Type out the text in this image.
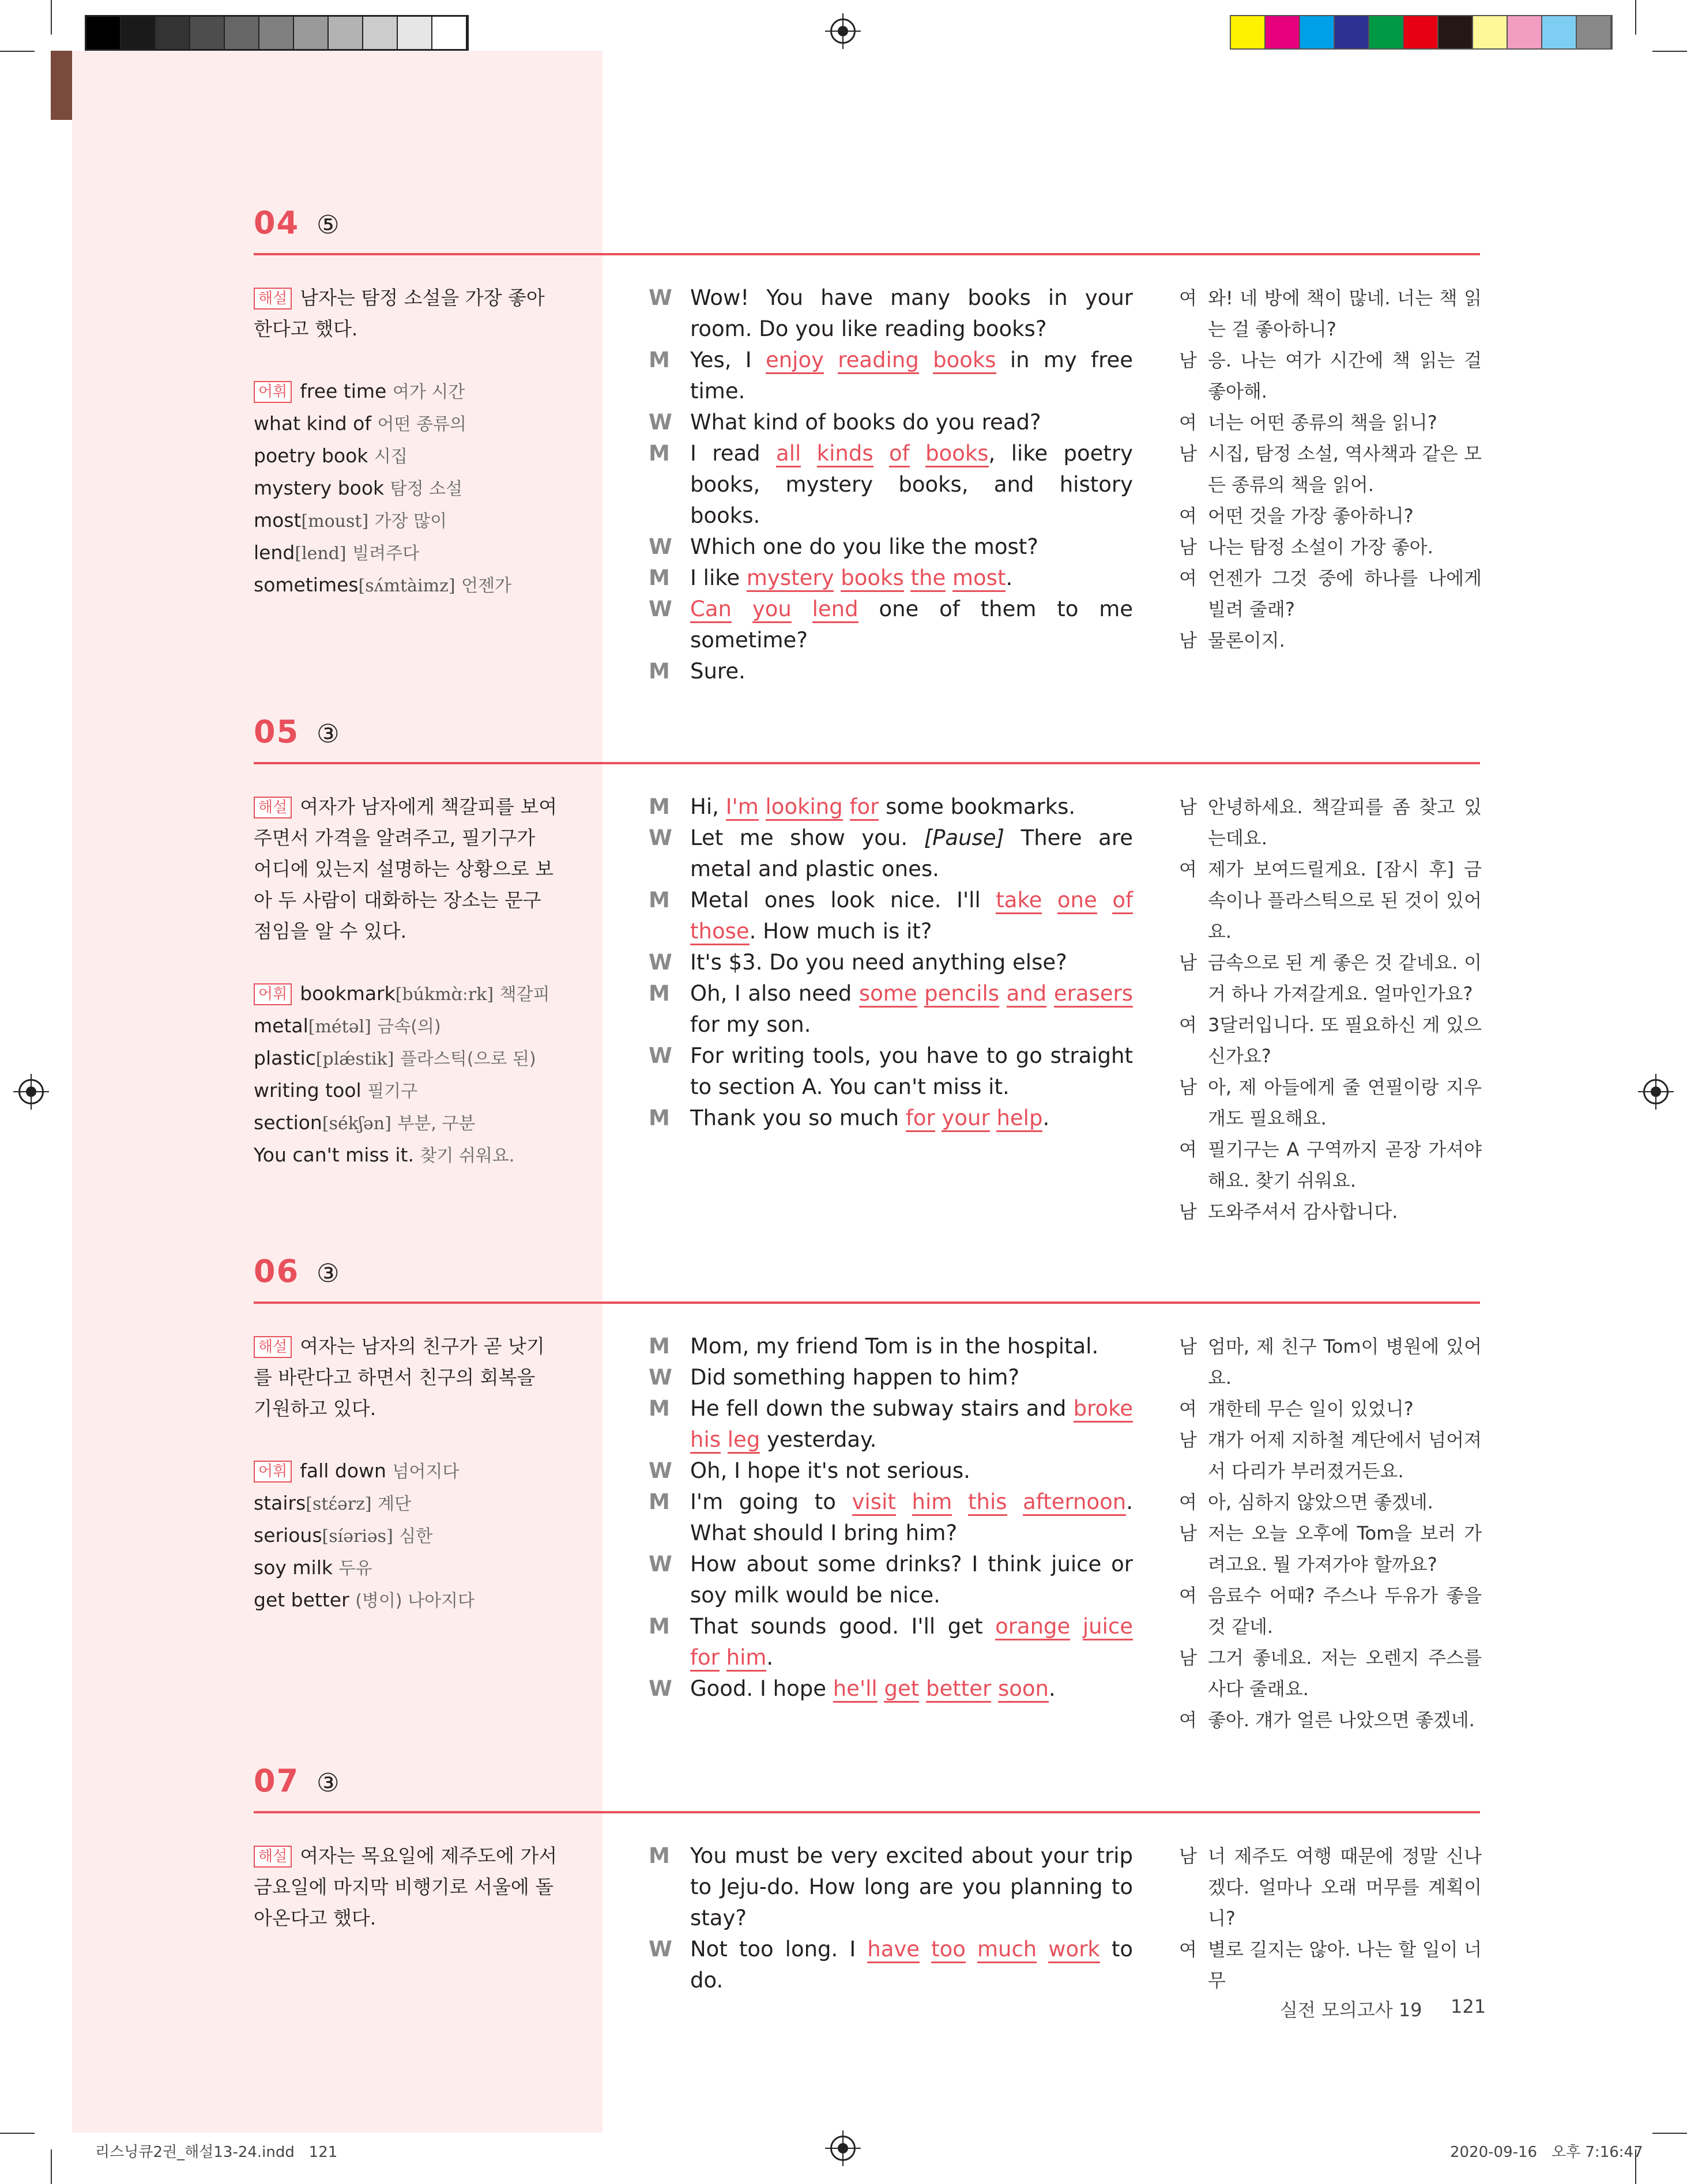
04 ⑤
해설 남자는 탐정 소설을 가장 좋아한다고 했다.
어휘 free time 여가 시간
what kind of 어떤 종류의
poetry book 시집
mystery book 탐정 소설
most[moust] 가장 많이
lend[lend] 빌려주다
sometimes[sʌ́mtàimz] 언젠가
W Wow! You have many books in your room. Do you like reading books?
M Yes, I enjoy reading books in my free time.
W What kind of books do you read?
M I read all kinds of books, like poetry books, mystery books, and history books.
W Which one do you like the most?
M I like mystery books the most.
W Can you lend one of them to me sometime?
M Sure.
여 와! 네 방에 책이 많네. 너는 책 읽는 걸 좋아하니?
남 응. 나는 여가 시간에 책 읽는 걸 좋아해.
여 너는 어떤 종류의 책을 읽니?
남 시집, 탐정 소설, 역사책과 같은 모든 종류의 책을 읽어.
여 어떤 것을 가장 좋아하니?
남 나는 탐정 소설이 가장 좋아.
여 언젠가 그것 중에 하나를 나에게 빌려 줄래?
남 물론이지.
05 ③
해설 여자가 남자에게 책갈피를 보여주면서 가격을 알려주고, 필기구가 어디에 있는지 설명하는 상황으로 보아 두 사람이 대화하는 장소는 문구점임을 알 수 있다.
어휘 bookmark[búkmɑ̀ːrk] 책갈피
metal[métəl] 금속(의)
plastic[plǽstik] 플라스틱(으로 된)
writing tool 필기구
section[sékʃən] 부분, 구분
You can't miss it. 찾기 쉬워요.
M Hi, I'm looking for some bookmarks.
W Let me show you. [Pause] There are metal and plastic ones.
M Metal ones look nice. I'll take one of those. How much is it?
W It's $3. Do you need anything else?
M Oh, I also need some pencils and erasers for my son.
W For writing tools, you have to go straight to section A. You can't miss it.
M Thank you so much for your help.
남 안녕하세요. 책갈피를 좀 찾고 있는데요.
여 제가 보여드릴게요. [잠시 후] 금속이나 플라스틱으로 된 것이 있어요.
남 금속으로 된 게 좋은 것 같네요. 이거 하나 가져갈게요. 얼마인가요?
여 3달러입니다. 또 필요하신 게 있으신가요?
남 아, 제 아들에게 줄 연필이랑 지우개도 필요해요.
여 필기구는 A 구역까지 곧장 가셔야 해요. 찾기 쉬워요.
남 도와주셔서 감사합니다.
06 ③
해설 여자는 남자의 친구가 곧 낫기를 바란다고 하면서 친구의 회복을 기원하고 있다.
어휘 fall down 넘어지다
stairs[stɛ́ərz] 계단
serious[síəriəs] 심한
soy milk 두유
get better (병이) 나아지다
M Mom, my friend Tom is in the hospital.
W Did something happen to him?
M He fell down the subway stairs and broke his leg yesterday.
W Oh, I hope it's not serious.
M I'm going to visit him this afternoon. What should I bring him?
W How about some drinks? I think juice or soy milk would be nice.
M That sounds good. I'll get orange juice for him.
W Good. I hope he'll get better soon.
남 엄마, 제 친구 Tom이 병원에 있어요.
여 걔한테 무슨 일이 있었니?
남 걔가 어제 지하철 계단에서 넘어져서 다리가 부러졌거든요.
여 아, 심하지 않았으면 좋겠네.
남 저는 오늘 오후에 Tom을 보러 가려고요. 뭘 가져가야 할까요?
여 음료수 어때? 주스나 두유가 좋을 것 같네.
남 그거 좋네요. 저는 오렌지 주스를 사다 줄래요.
여 좋아. 걔가 얼른 나았으면 좋겠네.
07 ③
해설 여자는 목요일에 제주도에 가서 금요일에 마지막 비행기로 서울에 돌아온다고 했다.
M You must be very excited about your trip to Jeju-do. How long are you planning to stay?
W Not too long. I have too much work to do.
남 너 제주도 여행 때문에 정말 신나겠다. 얼마나 오래 머무를 계획이니?
여 별로 길지는 않아. 나는 할 일이 너무
실전 모의고사 19 121
리스닝큐2권_해설13-24.indd   121	2020-09-16   오후 7:16:47
